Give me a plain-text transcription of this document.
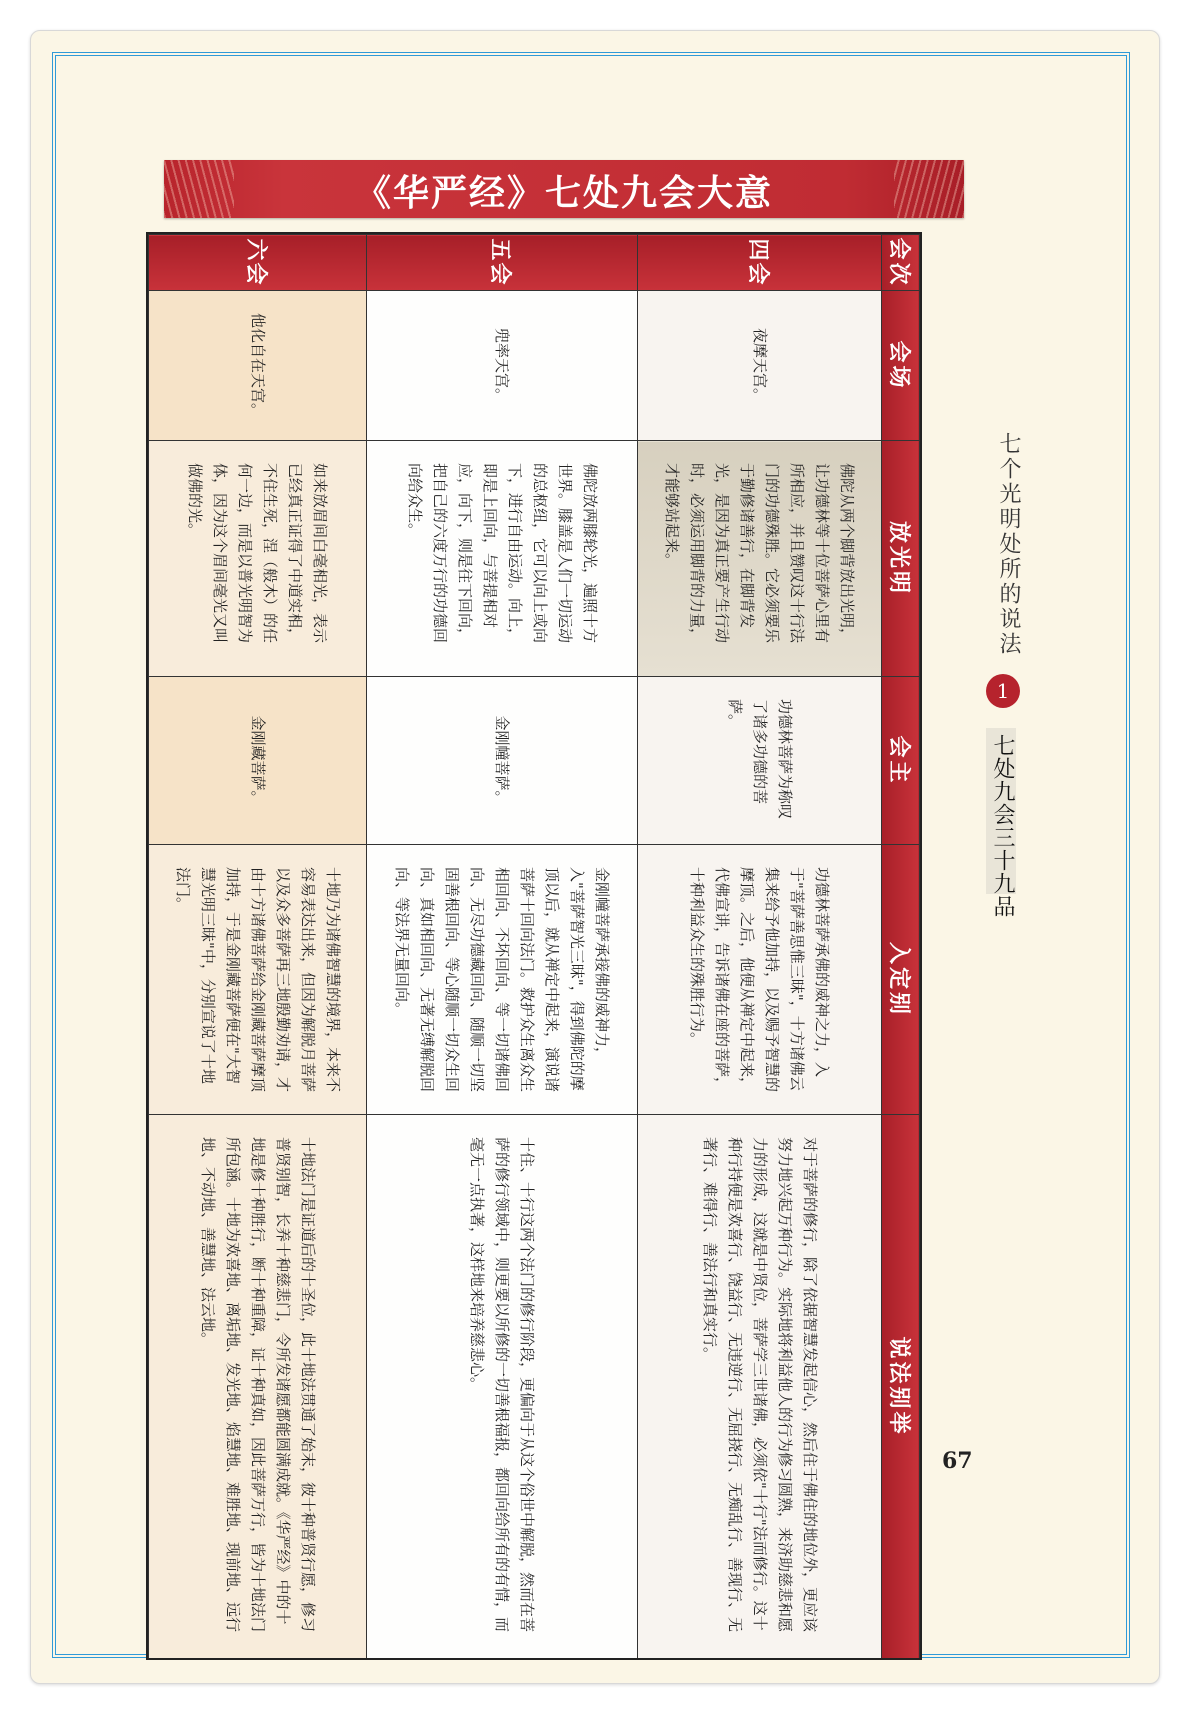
《华严经》七处九会大意
会次	会场	放光明	会主	入定别	说法别举
四会	夜摩天宫。	佛陀从两个脚背放出光明，让功德林等十位菩萨心里有所相应，并且赞叹这十行法门的功德殊胜。它必须要乐于勤修诸善行，在脚背发光，是因为真正要产生行动时，必须运用脚背的力量，才能够站起来。	功德林菩萨为称叹了诸多功德的菩萨。	功德林菩萨承佛的威神之力，入于"菩萨善思惟三昧"，十方诸佛云集来给予他加持，以及赐予智慧的摩顶。之后，他便从禅定中起来，代佛宣讲，告诉诸佛在座的菩萨，十种利益众生的殊胜行为。	对于菩萨的修行，除了依据智慧发起信心，然后住于佛住的地位外，更应该努力地兴起万种行为。实际地将利益他人的行为修习圆熟，来济助慈悲和愿力的形成，这就是中贤位，菩萨学三世诸佛，必须依"十行"法而修行。这十种行持便是欢喜行、饶益行、无违逆行、无屈挠行、无痴乱行、善现行、无著行、难得行、善法行和真实行。
五会	兜率天宫。	佛陀放两膝轮光，遍照十方世界。膝盖是人们一切运动的总枢纽，它可以向上或向下，进行自由运动。向上，即是上回向，与菩提相对应，向下，则是往下回向，把自己的六度万行的功德回向给众生。	金刚幢菩萨。	金刚幢菩萨承接佛的威神力，入"菩萨智光三昧"，得到佛陀的摩顶以后，就从禅定中起来，演说诸菩萨十回向法门。救护众生离众生相回向、不坏回向、等一切诸佛回向、无尽功德藏回向、随顺一切坚固善根回向、等心随顺一切众生回向、真如相回向、无著无缚解脱回向、等法界无量回向。	十住、十行这两个法门的修行阶段，更偏向于从这个俗世中解脱，然而在菩萨的修行领域中，则更要以所修的一切善根福报，都回向给所有的有情，而毫无一点执著，这样地来培养慈悲心。
六会	他化自在天宫。	如来放眉间白毫相光，表示已经真正证得了中道实相，不住生死，涅（般木）的任何一边，而是以普光明智为体，因为这个眉间毫光又叫做佛的光。	金刚藏菩萨。	十地乃为诸佛智慧的境界，本来不容易表达出来，但因为解脱月菩萨以及众多菩萨再三地殷勤劝请，才由十方诸佛菩萨给金刚藏菩萨摩顶加持，于是金刚藏菩萨便在"大智慧光明三昧"中，分别宣说了十地法门。	十地法门是证道后的十圣位，此十地法贯通了始末，彼十种普贤行愿，修习普贤别智，长养十种慈悲门，令所发诸愿都能圆满成就。《华严经》中的十地是修十种胜行，断十种重障，证十种真如，因此菩萨万行，皆为十地法门所包涵。十地为欢喜地、离垢地、发光地、焰慧地、难胜地、现前地、远行地、不动地、善慧地、法云地。
七个光明处所的说法
1
七处九会三十九品
67
